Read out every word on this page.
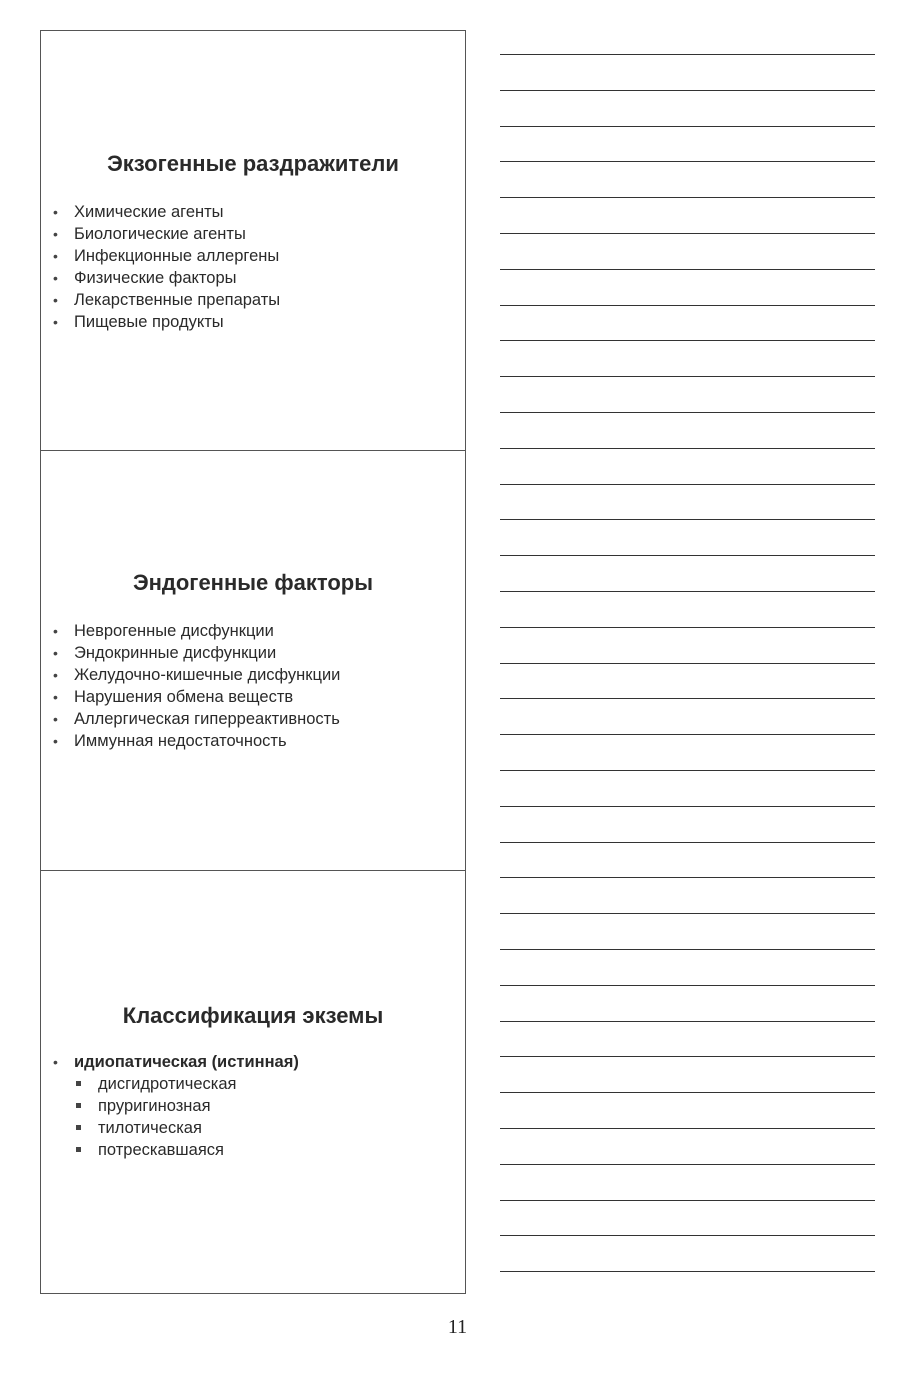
Экзогенные раздражители
• Химические агенты
• Биологические агенты
• Инфекционные аллергены
• Физические факторы
• Лекарственные препараты
• Пищевые продукты
Эндогенные факторы
• Неврогенные дисфункции
• Эндокринные дисфункции
• Желудочно-кишечные дисфункции
• Нарушения обмена веществ
• Аллергическая гиперреактивность
• Иммунная недостаточность
Классификация экземы
• идиопатическая (истинная)
дисгидротическая
пруригинозная
тилотическая
потрескавшаяся
11
